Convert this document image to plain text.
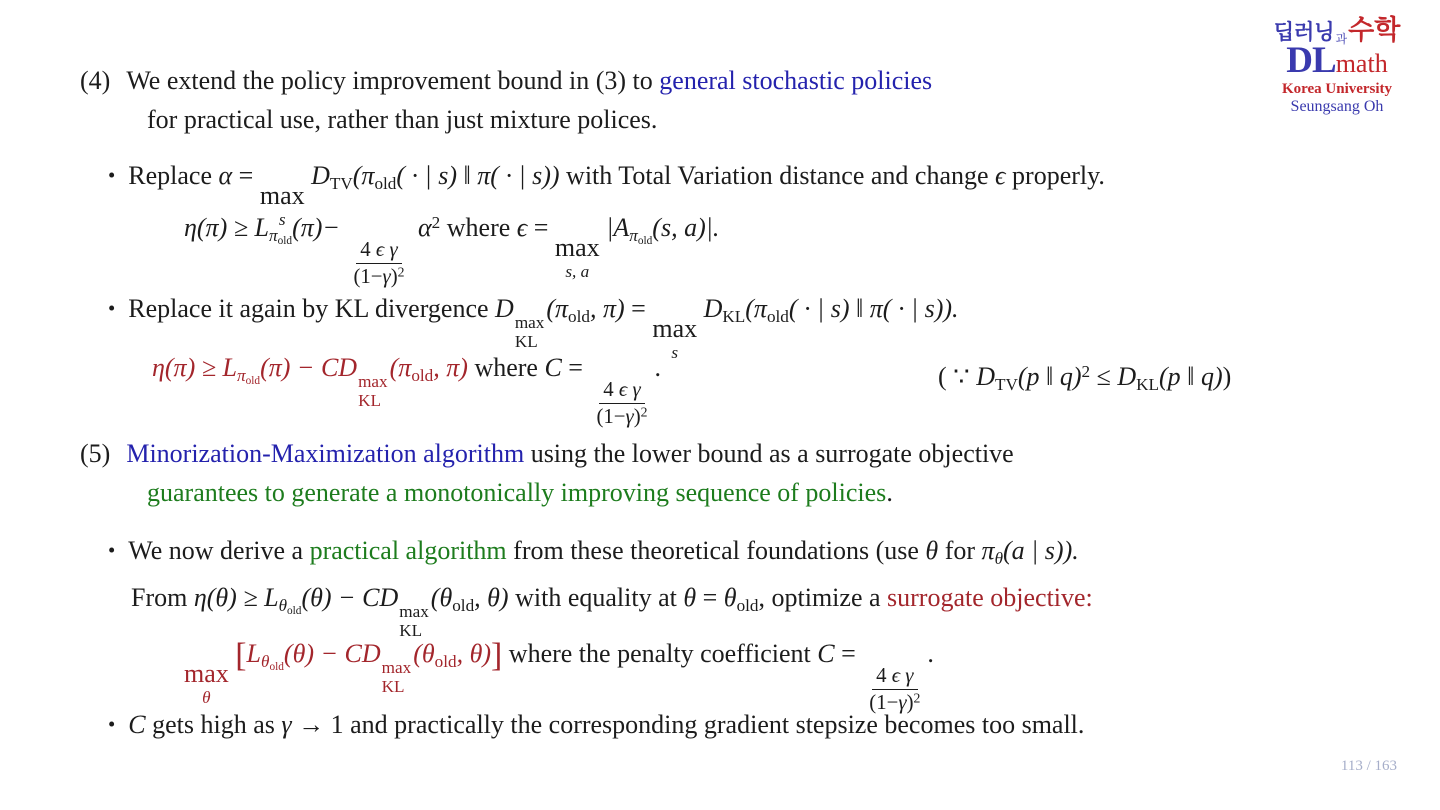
딥러닝 과 수학
DL math
Korea University
Seungsang Oh
(4) We extend the policy improvement bound in (3) to general stochastic policies
for practical use, rather than just mixture polices.
• Replace α =
max
s
$D_{TV}(\pi_{old}$( · | s) ‖ π( · | s)) with Total Variation distance and change ϵ properly.
$\eta(\pi) \ge L_{\pi_{old}}(\pi)-$
$\frac{\text{4 ϵ γ}}{(1-\gamma)^2}$
$\alpha^2$ where ϵ =
max
s, a
$|A_{\pi_{old}}(s$, a)|.
• Replace it again by KL divergence D max
KL
($\pi_{old}$, π) =
max
s
$D_{KL}(\pi_{old}$( · | s) ‖ π( · | s)).
$\eta(\pi) \ge L_{\pi_{old}}(\pi)$ − CD max
KL
($\pi_{old}$, π) where C =
$\frac{\text{4 ϵ γ}}{(1-\gamma)^2}$
.	( ∵ $D_{TV}(p$ ‖ $q)^2 \le D_{KL}(p$ ‖ q))
(5) Minorization-Maximization algorithm using the lower bound as a surrogate objective
guarantees to generate a monotonically improving sequence of policies.
• We now derive a practical algorithm from these theoretical foundations (use θ for $\pi_\theta(a$ | s)).
From $\eta(\theta) \ge L_{\theta_{old}}(\theta)$ − CD max
KL
($\theta_{old}$, θ) with equality at $\theta = \theta_{old}$, optimize a surrogate objective:
max
θ
[$L_{\theta_{old}}(\theta)$ − CD max
KL
($\theta_{old}$, θ)] where the penalty coefficient C =
$\frac{\text{4 ϵ γ}}{(1-\gamma)^2}$
.
• C gets high as γ → 1 and practically the corresponding gradient stepsize becomes too small.
113 / 163
